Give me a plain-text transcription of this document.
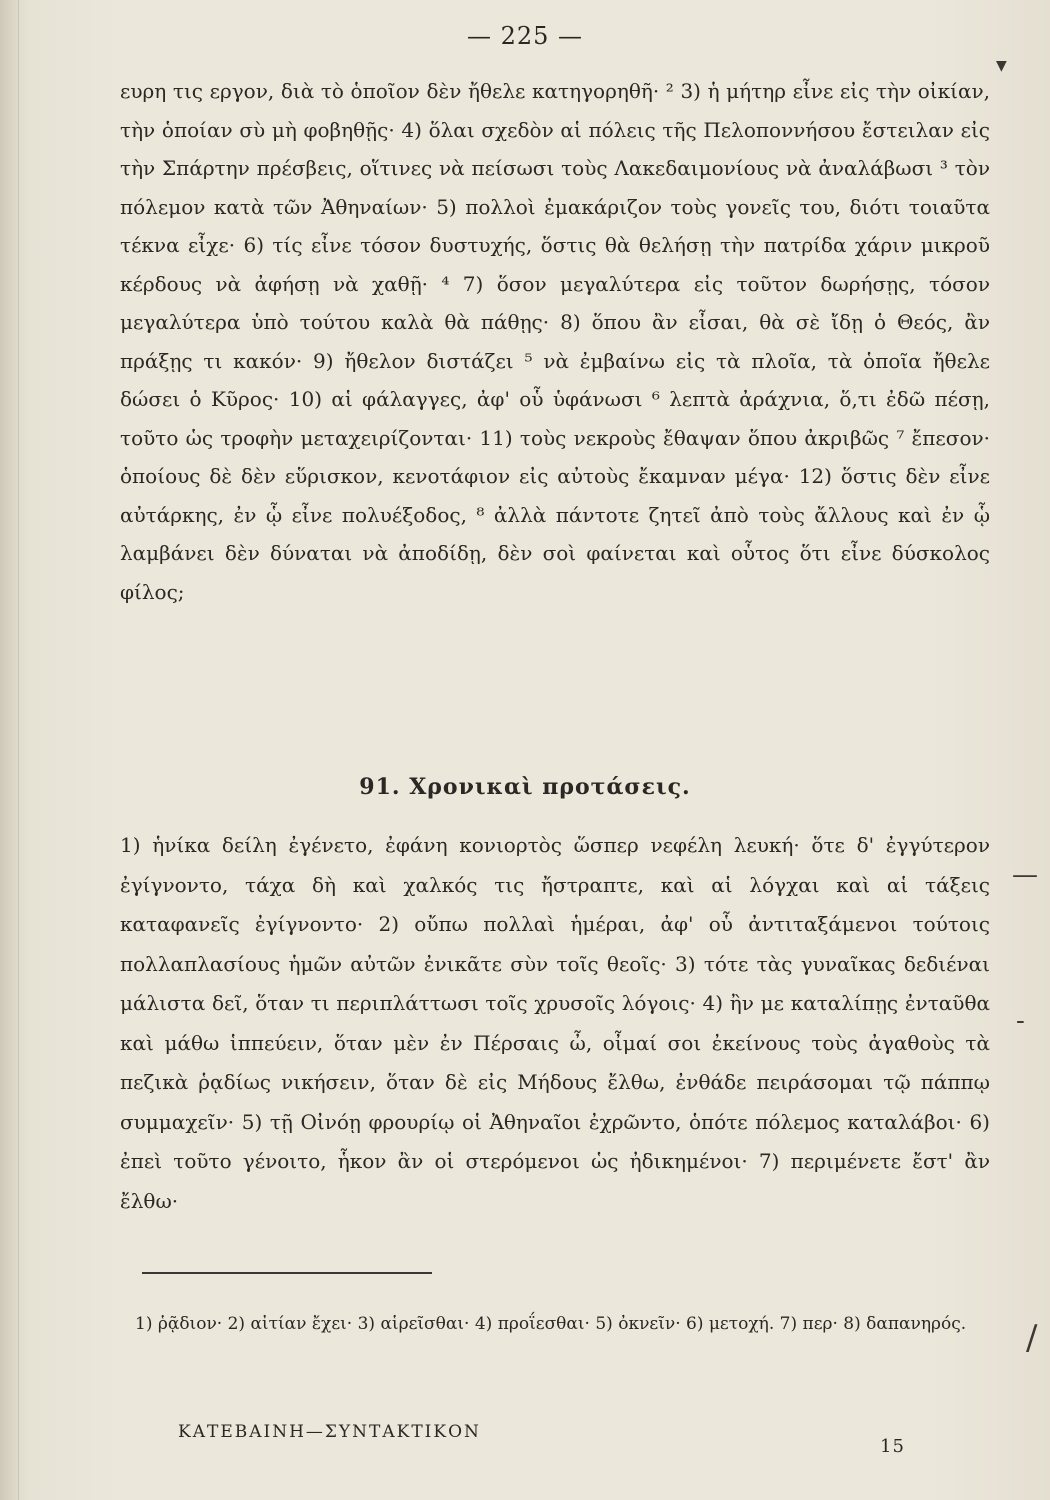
— 225 —

ευρη τις εργον, διὰ τὸ ὁποῖον δὲν ἤθελε κατηγορηθῆ· ² 3) ἡ μήτηρ εἶνε εἰς τὴν οἰκίαν, τὴν ὁποίαν σὺ μὴ φοβηθῇς· 4) ὅλαι σχεδὸν αἱ πόλεις τῆς Πελοποννήσου ἔστειλαν εἰς τὴν Σπάρτην πρέσβεις, οἵτινες νὰ πείσωσι τοὺς Λακεδαιμονίους νὰ ἀναλάβωσι ³ τὸν πόλεμον κατὰ τῶν Ἀθηναίων· 5) πολλοὶ ἐμακάριζον τοὺς γονεῖς του, διότι τοιαῦτα τέκνα εἶχε· 6) τίς εἶνε τόσον δυστυχής, ὅστις θὰ θελήσῃ τὴν πατρίδα χάριν μικροῦ κέρδους νὰ ἀφήσῃ νὰ χαθῇ· ⁴ 7) ὅσον μεγαλύτερα εἰς τοῦτον δωρήσῃς, τόσον μεγαλύτερα ὑπὸ τούτου καλὰ θὰ πάθῃς· 8) ὅπου ἂν εἶσαι, θὰ σὲ ἴδῃ ὁ Θεός, ἂν πράξῃς τι κακόν· 9) ἤθελον διστάζει ⁵ νὰ ἐμβαίνω εἰς τὰ πλοῖα, τὰ ὁποῖα ἤθελε δώσει ὁ Κῦρος· 10) αἱ φάλαγγες, ἀφ' οὗ ὑφάνωσι ⁶ λεπτὰ ἀράχνια, ὅ,τι ἐδῶ πέσῃ, τοῦτο ὡς τροφὴν μεταχειρίζονται· 11) τοὺς νεκροὺς ἔθαψαν ὅπου ἀκριβῶς ⁷ ἔπεσον· ὁποίους δὲ δὲν εὕρισκον, κενοτάφιον εἰς αὐτοὺς ἔκαμναν μέγα· 12) ὅστις δὲν εἶνε αὐτάρκης, ἐν ᾧ εἶνε πολυέξοδος, ⁸ ἀλλὰ πάντοτε ζητεῖ ἀπὸ τοὺς ἄλλους καὶ ἐν ᾧ λαμβάνει δὲν δύναται νὰ ἀποδίδῃ, δὲν σοὶ φαίνεται καὶ οὗτος ὅτι εἶνε δύσκολος φίλος;

91. Χρονικαὶ προτάσεις.

1) ἡνίκα δείλη ἐγένετο, ἐφάνη κονιορτὸς ὥσπερ νεφέλη λευκή· ὅτε δ' ἐγγύτερον ἐγίγνοντο, τάχα δὴ καὶ χαλκός τις ἤστραπτε, καὶ αἱ λόγχαι καὶ αἱ τάξεις καταφανεῖς ἐγίγνοντο· 2) οὔπω πολλαὶ ἡμέραι, ἀφ' οὗ ἀντιταξάμενοι τούτοις πολλαπλασίους ἡμῶν αὐτῶν ἐνικᾶτε σὺν τοῖς θεοῖς· 3) τότε τὰς γυναῖκας δεδιέναι μάλιστα δεῖ, ὅταν τι περιπλάττωσι τοῖς χρυσοῖς λόγοις· 4) ἢν με καταλίπῃς ἐνταῦθα καὶ μάθω ἱππεύειν, ὅταν μὲν ἐν Πέρσαις ὦ, οἶμαί σοι ἐκείνους τοὺς ἀγαθοὺς τὰ πεζικὰ ῥᾳδίως νικήσειν, ὅταν δὲ εἰς Μήδους ἔλθω, ἐνθάδε πειράσομαι τῷ πάππῳ συμμαχεῖν· 5) τῇ Οἰνόῃ φρουρίῳ οἱ Ἀθηναῖοι ἐχρῶντο, ὁπότε πόλεμος καταλάβοι· 6) ἐπεὶ τοῦτο γένοιτο, ἧκον ἂν οἱ στερόμενοι ὡς ἠδικημένοι· 7) περιμένετε ἔστ' ἂν ἔλθω·

1) ῥᾷδιον· 2) αἰτίαν ἔχει· 3) αἱρεῖσθαι· 4) προΐεσθαι· 5) ὀκνεῖν· 6) μετοχή. 7) περ· 8) δαπανηρός.
ΚΑΤΕΒΑΙΝΗ—ΣΥΝΤΑΚΤΙΚΟΝ
15
▼
—
-
/
